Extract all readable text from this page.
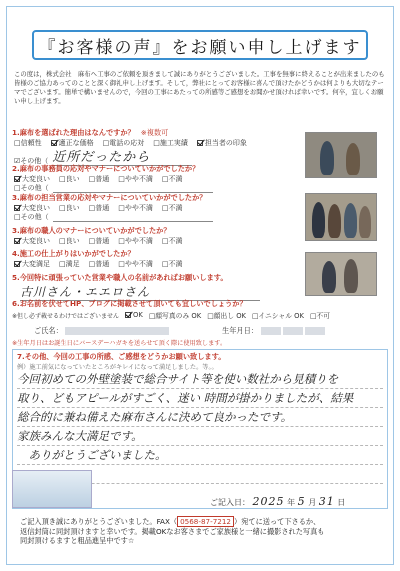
『お客様の声』をお願い申し上げます
この度は，株式会社　麻布へ工事のご依頼を頂きまして誠にありがとうございました。工事を無事に終えることが出来ましたのも皆様のご協力あってのことと深く御礼申し上げます。そして，弊社にとってお客様に喜んで頂けたかどうかは何よりも大切なテーマでございます。簡単で構いませんので，今回の工事にあたっての所感等ご感想をお聞かせ頂ければ幸いです。何卒，宜しくお願い申し上げます。
1.麻布を選ばれた理由はなんですか？ ※複数可
□信頼性 適正な価格 □電話の応対 □施工実績 担当者の印象
☑その他（ 近所だったから
2.麻布の事務員の応対やマナーについていかがでしたか？
大変良い □良い □普通 □やや不満 □不満
□その他（
3.麻布の担当営業の応対やマナーについていかがでしたか？
大変良い □良い □普通 □やや不満 □不満
□その他（
3.麻布の職人のマナーについていかがでしたか？
大変良い □良い □普通 □やや不満 □不満
4.施工の仕上がりはいかがでしたか？
大変満足 □満足 □普通 □やや不満 □不満
5.今回特に頑張っていた営業や職人の名前があればお願いします。
古川さん・エエロさん
6.お名前を伏せてHP、ブログに掲載させて頂いても宜しいでしょうか？
※但し必ず載せるわけではございません OK □顔写真のみ OK □顔出し OK □イニシャル OK □不可
ご氏名：	生年月日：
※生年月日はお誕生日にバースデーハガキを送らせて頂く際に使用致します。
7.その他、今回の工事の所感、ご感想をどうかお願い致します。
例）施工前気になっていたところがキレイになって満足しました。等。。
今回初めての外壁塗装で総合サイト等を使い数社から見積りを
取り、どもアピールがすごく、迷い 時間が掛かりましたが、結果
総合的に兼ね備えた麻布さんに決めて良かったです。
家族みんな大満足です。
　ありがとうございました。
ご記入日： 2025 年 5 月 31 日
ご記入頂き誠にありがとうございました。FAX（ 0568-87-7212 ）宛てに送って下さるか、
返信封筒に同封頂けますと幸いです。掲載OKなお客さまでご家族様と一緒に撮影された写真も
同封頂けるますと粗品進呈中です☆
